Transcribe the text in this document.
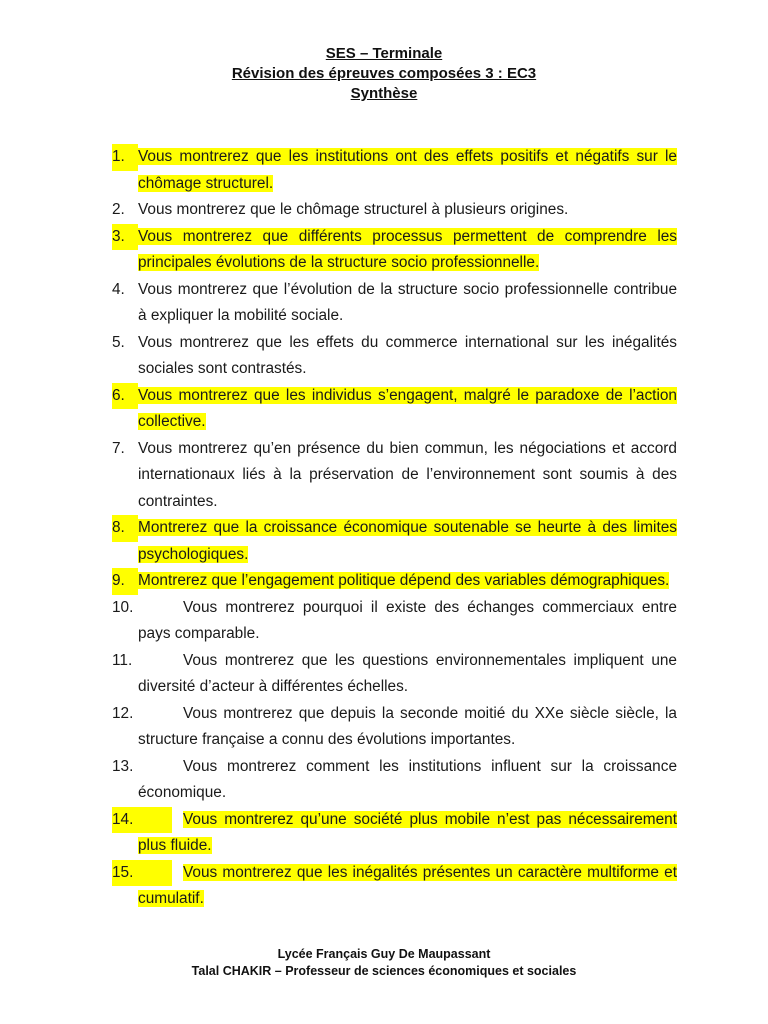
SES – Terminale
Révision des épreuves composées 3 : EC3
Synthèse
1. Vous montrerez que les institutions ont des effets positifs et négatifs sur le chômage structurel.
2. Vous montrerez que le chômage structurel à plusieurs origines.
3. Vous montrerez que différents processus permettent de comprendre les principales évolutions de la structure socio professionnelle.
4. Vous montrerez que l’évolution de la structure socio professionnelle contribue à expliquer la mobilité sociale.
5. Vous montrerez que les effets du commerce international sur les inégalités sociales sont contrastés.
6. Vous montrerez que les individus s’engagent, malgré le paradoxe de l’action collective.
7. Vous montrerez qu’en présence du bien commun, les négociations et accord internationaux liés à la préservation de l’environnement sont soumis à des contraintes.
8. Montrerez que la croissance économique soutenable se heurte à des limites psychologiques.
9. Montrerez que l’engagement politique dépend des variables démographiques.
10.	Vous montrerez pourquoi il existe des échanges commerciaux entre pays comparable.
11.	Vous montrerez que les questions environnementales impliquent une diversité d’acteur à différentes échelles.
12.	Vous montrerez que depuis la seconde moitié du XXe siècle siècle, la structure française a connu des évolutions importantes.
13.	Vous montrerez comment les institutions influent sur la croissance économique.
14.	Vous montrerez qu’une société plus mobile n’est pas nécessairement plus fluide.
15.	Vous montrerez que les inégalités présentes un caractère multiforme et cumulatif.
Lycée Français Guy De Maupassant
Talal CHAKIR – Professeur de sciences économiques et sociales
